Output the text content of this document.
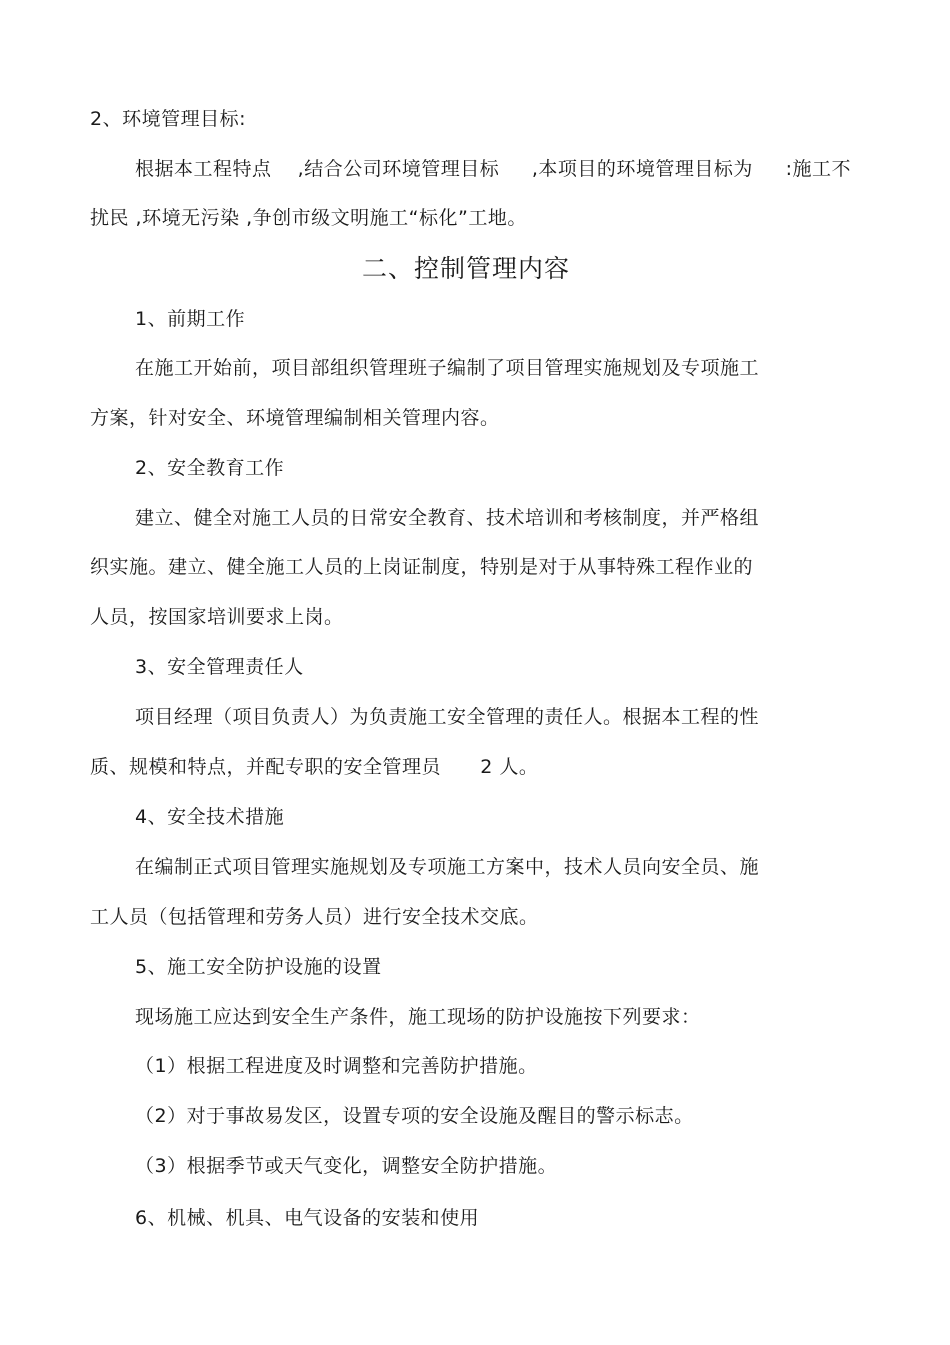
2、环境管理目标:
根据本工程特点    ,结合公司环境管理目标     ,本项目的环境管理目标为     :施工不
扰民 ,环境无污染 ,争创市级文明施工“标化”工地。
二、控制管理内容
1、前期工作
在施工开始前，项目部组织管理班子编制了项目管理实施规划及专项施工
方案，针对安全、环境管理编制相关管理内容。
2、安全教育工作
建立、健全对施工人员的日常安全教育、技术培训和考核制度，并严格组
织实施。建立、健全施工人员的上岗证制度，特别是对于从事特殊工程作业的
人员，按国家培训要求上岗。
3、安全管理责任人
项目经理（项目负责人）为负责施工安全管理的责任人。根据本工程的性
质、规模和特点，并配专职的安全管理员      2 人。
4、安全技术措施
在编制正式项目管理实施规划及专项施工方案中，技术人员向安全员、施
工人员（包括管理和劳务人员）进行安全技术交底。
5、施工安全防护设施的设置
现场施工应达到安全生产条件，施工现场的防护设施按下列要求：
（1）根据工程进度及时调整和完善防护措施。
（2）对于事故易发区，设置专项的安全设施及醒目的警示标志。
（3）根据季节或天气变化，调整安全防护措施。
6、机械、机具、电气设备的安装和使用
